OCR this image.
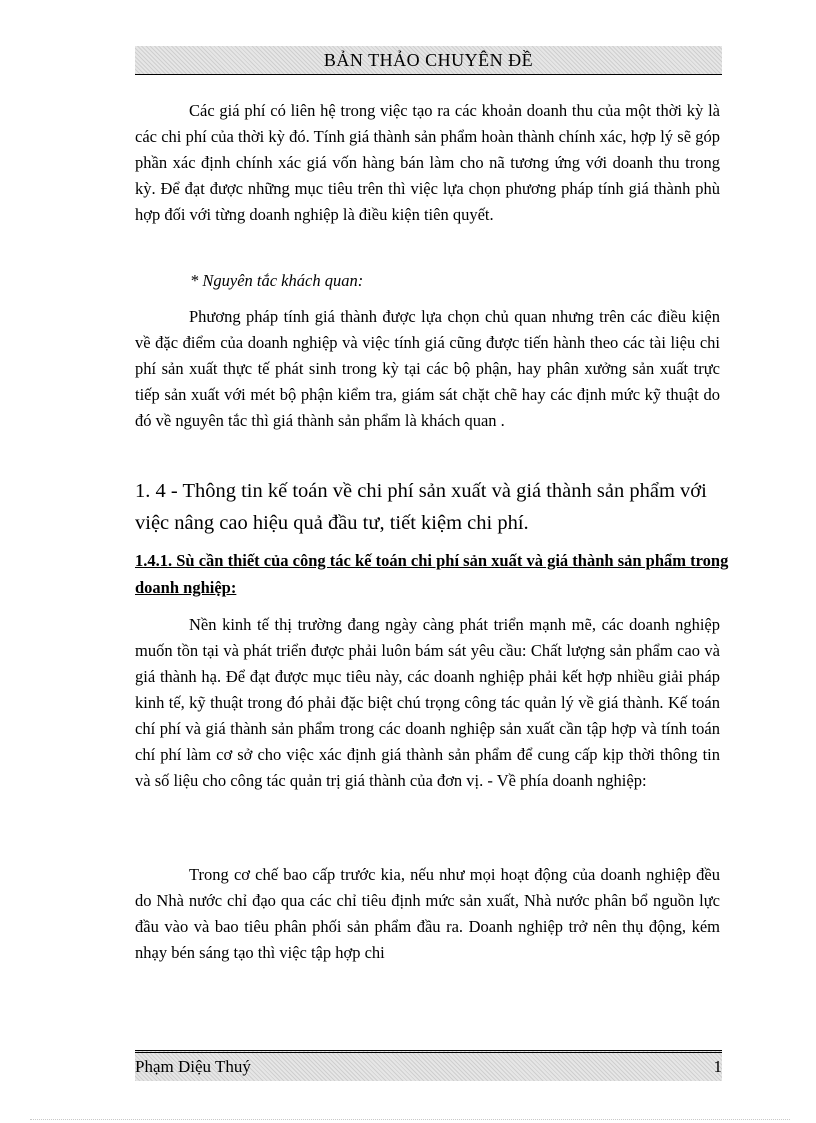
BẢN THẢO CHUYÊN ĐỀ

Các giá phí có liên hệ trong việc tạo ra các khoản doanh thu của một thời kỳ là các chi phí của thời kỳ đó. Tính giá thành sản phẩm hoàn thành chính xác, hợp lý sẽ góp phần xác định chính xác giá vốn hàng bán làm cho nã tương ứng với doanh thu trong kỳ. Để đạt được những mục tiêu trên thì việc lựa chọn phương pháp tính giá thành phù hợp đối với từng doanh nghiệp là điều kiện tiên quyết.

* Nguyên tắc khách quan:

Phương pháp tính giá thành được lựa chọn chủ quan nhưng trên các điều kiện về đặc điểm của doanh nghiệp và việc tính giá cũng được tiến hành theo các tài liệu chi phí sản xuất thực tế phát sinh trong kỳ tại các bộ phận, hay phân xưởng sản xuất trực tiếp sản xuất với mét bộ phận kiểm tra, giám sát chặt chẽ hay các định mức kỹ thuật do đó về nguyên tắc thì giá thành sản phẩm là khách quan .

1. 4 - Thông tin kế toán về chi phí sản xuất và giá thành sản phẩm với việc nâng cao hiệu quả đầu tư, tiết kiệm chi phí.
1.4.1. Sù cần thiết của công tác kế toán chi phí sản xuất và giá thành sản phẩm trong doanh nghiệp:

Nền kinh tế thị trường đang ngày càng phát triển mạnh mẽ, các doanh nghiệp muốn tồn tại và phát triển được phải luôn bám sát yêu cầu: Chất lượng sản phẩm cao và giá thành hạ. Để đạt được mục tiêu này, các doanh nghiệp phải kết hợp nhiều giải pháp kinh tế, kỹ thuật trong đó phải đặc biệt chú trọng công tác quản lý về giá thành. Kế toán chí phí và giá thành sản phẩm trong các doanh nghiệp sản xuất cần tập hợp và tính toán chí phí làm cơ sở cho việc xác định giá thành sản phẩm để cung cấp kịp thời thông tin và số liệu cho công tác quản trị giá thành của đơn vị. - Về phía doanh nghiệp:

Trong cơ chế bao cấp trước kia, nếu như mọi hoạt động của doanh nghiệp đều do Nhà nước chỉ đạo qua các chỉ tiêu định mức sản xuất, Nhà nước phân bổ nguồn lực đầu vào và bao tiêu phân phối sản phẩm đầu ra. Doanh nghiệp trở nên thụ động, kém nhạy bén sáng tạo thì việc tập hợp chi

Phạm Diệu Thuý	1
